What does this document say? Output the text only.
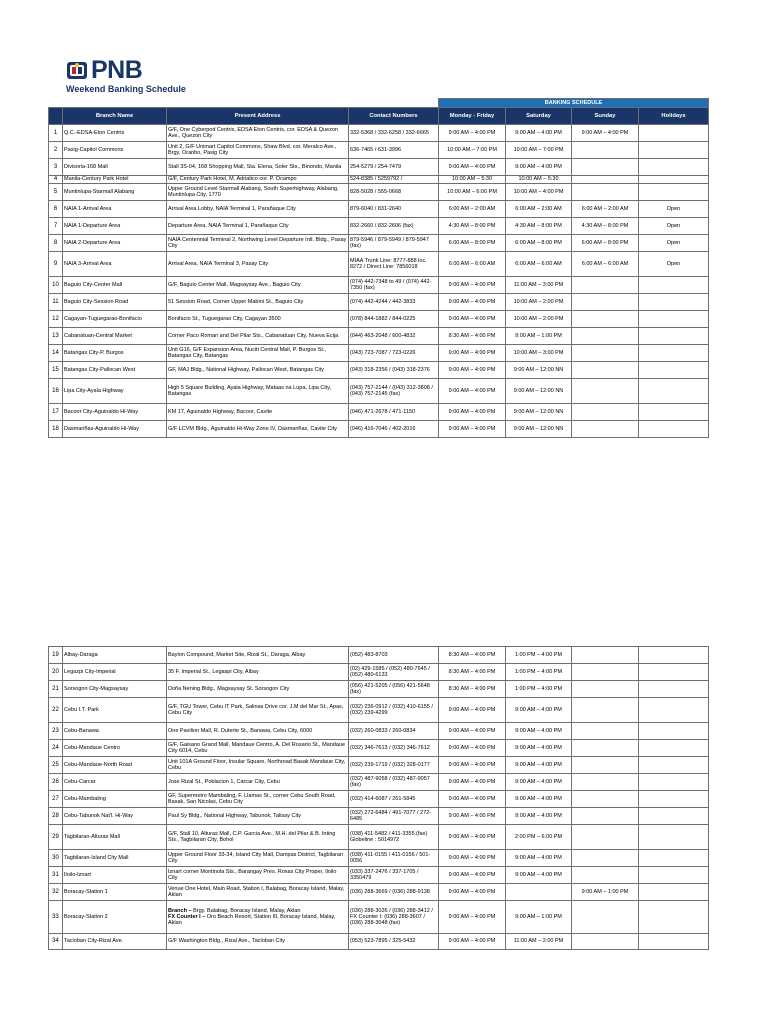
PNB
Weekend Banking Schedule
				BANKING SCHEDULE			
	Branch Name	Present Address	Contact Numbers	Monday - Friday	Saturday	Sunday	Holidays
1	Q.C.-EDSA-Eton Centris	G/F, One Cyberpod Centris, EDSA Eton Centris, cor. EDSA & Quezon Ave., Quezon City	332-5368 / 332-6258 / 332-6665	9:00 AM – 4:00 PM	9:00 AM – 4:00 PM	9:00 AM – 4:00 PM	
2	Pasig-Capitol Commons	Unit 2, G/F Unimart Capitol Commons, Shaw Blvd. cor. Meralco Ave., Brgy. Oranbo, Pasig City	636-7465 / 631-3996	10:00 AM – 7:00 PM	10:00 AM – 7:00 PM		
3	Divisoria-168 Mall	Stall 3S-04, 168 Shopping Mall, Sta. Elena, Soler Sts., Binondo, Manila	254-5279 / 254-7479	9:00 AM – 4:00 PM	9:00 AM – 4:00 PM		
4	Manila-Century Park Hotel	G/F, Century Park Hotel, M. Adriatico cor. P. Ocampo	524-8385 / 5259792 /	10:00 AM – 5:30	10:00 AM – 5:30		
5	Muntinlupa-Starmall Alabang	Upper Ground Level Starmall Alabang, South Superhighway, Alabang, Muntinlupa City, 1770	828-5028 / 555-0668	10:00 AM – 6:00 PM	10:00 AM – 4:00 PM		
6	NAIA 1-Arrival Area	Arrival Area Lobby, NAIA Terminal 1, Parañaque City	879-6040 / 831-2640	6:00 AM – 2:00 AM	6:00 AM – 2:00 AM	6:00 AM – 2:00 AM	Open
7	NAIA 1-Departure Area	Departure Area, NAIA Terminal 1, Parañaque City	832-2660 / 832-2606 (fax)	4:30 AM – 8:00 PM	4:30 AM – 8:00 PM	4:30 AM – 8:00 PM	Open
8	NAIA 2-Departure Area	NAIA Centennial Terminal 2, Northwing Level Departure Intl. Bldg., Pasay City	879-5946 / 879-5949 / 879-5947 (fax)	6:00 AM – 8:00 PM	6:00 AM – 8:00 PM	6:00 AM – 8:00 PM	Open
9	NAIA 3-Arrival Area	Arrival Area, NAIA Terminal 3, Pasay City	MIAA Trunk Line: 8777-888 loc. 8272 / Direct Line: 7856018	6:00 AM – 6:00 AM	6:00 AM – 6:00 AM	6:00 AM – 6:00 AM	Open
10	Baguio City-Center Mall	G/F, Baguio Center Mall, Magsaysay Ave., Baguio City	(074) 442-7348 to 49 / (074) 442-7350 (fax)	9:00 AM – 4:00 PM	11:00 AM – 3:00 PM		
11	Baguio City-Session Road	51 Session Road, Corner Upper Mabini St., Baguio City	(074) 442-4244 / 442-3833	9:00 AM – 4:00 PM	10:00 AM – 2:00 PM		
12	Cagayan-Tuguegarao-Bonifacio	Bonifacio St., Tuguegarao City, Cagayan 3500	(078) 844-1882 / 844-0225	9:00 AM – 4:00 PM	10:00 AM – 2:00 PM		
13	Cabanatuan-Central Market	Corner Paco Roman and Del Pilar Sts., Cabanatuan City, Nueva Ecija	(044) 463-2048 / 600-4832	8:30 AM – 4:00 PM	9:00 AM – 1:00 PM		
14	Batangas City-P. Burgos	Unit G16, G/F Expansion Area, Nuciti Central Mall, P. Burgos St., Batangas City, Batangas	(043) 723-7087 / 723-0226	9:00 AM – 4:00 PM	10:00 AM – 3:00 PM		
15	Batangas City-Pallocan West	GF, MAJ Bldg., National Highway, Pallocan West, Batangas City	(043) 318-2356 / (043) 318-2376	9:00 AM – 4:00 PM	9:00 AM – 12:00 NN		
16	Lipa City-Ayala Highway	High 5 Square Building, Ayala Highway, Mataas na Lupa, Lipa City, Batangas	(043) 757-2144 / (043) 312-3808 / (043) 757-2145 (fax)	9:00 AM – 4:00 PM	9:00 AM – 12:00 NN		
17	Bacoor City-Aguinaldo Hi-Way	KM 17, Aguinaldo Highway, Bacoor, Cavite	(046) 471-2678 / 471-1150	9:00 AM – 4:00 PM	9:00 AM – 12:00 NN		
18	Dasmariñas-Aguinaldo Hi-Way	G/F LCVM Bldg., Aguinaldo Hi-Way Zone IV, Dasmariñas, Cavite City	(046) 416-7046 / 402-2016	9:00 AM – 4:00 PM	9:00 AM – 12:00 NN		
19	Albay-Daraga	Baylon Compound, Market Site, Rizal St., Daraga, Albay	(052) 483-8703	8:30 AM – 4:00 PM	1:00 PM – 4:00 PM		
20	Legazpi City-Imperial	35 F. Imperial St., Legaspi City, Albay	(02) 429-1585 / (052) 480-7645 / (052) 480-6133	8:30 AM – 4:00 PM	1:00 PM – 4:00 PM		
21	Sorsogon City-Magsaysay	Doña Nening Bldg., Magsaysay St. Sorsogon City	(056) 421-5205 / (056) 421-5648 (fax)	8:30 AM – 4:00 PM	1:00 PM – 4:00 PM		
22	Cebu I.T. Park	G/F, TGU Tower, Cebu IT Park, Salinas Drive cor. J.M del Mar St., Apas, Cebu City	(032) 236-0912 / (032) 410-6155 / (032) 239-4299	9:00 AM – 4:00 PM	9:00 AM – 4:00 PM		
23	Cebu-Banawa	One Pavilion Mall, R. Duterte St., Banawa, Cebu City, 6000	(032) 260-0833 / 260-0834	9:00 AM – 4:00 PM	9:00 AM – 4:00 PM		
24	Cebu-Mandaue Centro	G/F, Gaisano Grand Mall, Mandaue Centro, A. Del Rosario St., Mandaue City 6014, Cebu	(032) 346-7613 / (032) 346-7612	9:00 AM – 4:00 PM	9:00 AM – 4:00 PM		
25	Cebu-Mandaue-North Road	Unit 101A Ground Floor, Insular Square, Northroad Basak Mandaue City, Cebu	(032) 239-1719 / (032) 328-0177	9:00 AM – 4:00 PM	9:00 AM – 4:00 PM		
26	Cebu-Carcar	Jose Rizal St., Poblacion 1, Carcar City, Cebu	(032) 487-9058 / (032) 487-9057 (fax)	9:00 AM – 4:00 PM	9:00 AM – 4:00 PM		
27	Cebu-Mambaling	GF, Supermetro Mambaling, F. Llamas St., corner Cebu South Road, Basak, San Nicolas, Cebu City	(032) 414-6087 / 261-5845	9:00 AM – 4:00 PM	9:00 AM – 4:00 PM		
28	Cebu-Tabunok Nat'l. Hi-Way	Paul Sy Bldg., National Highway, Tabunok, Talisay City	(032) 272-6484 / 491-7077 / 272-6485	9:00 AM – 4:00 PM	9:00 AM – 4:00 PM		
29	Tagbilaran-Alturas Mall	G/F, Stall 10, Alturas Mall, C.P. Garcia Ave., M.H. del Pilar & B. Inting Sts., Tagbilaran City, Bohol	(038) 411-5482 / 411-3355 (fax) Globeline : 5014972	9:00 AM – 4:00 PM	2:00 PM – 6:00 PM		
30	Tagbilaran-Island City Mall	Upper Ground Floor 33-34, Island City Mall, Dampas District, Tagbilaran City	(038) 411-0155 / 411-0156 / 501-0056	9:00 AM – 4:00 PM	9:00 AM – 4:00 PM		
31	Iloilo-Iznart	Iznart corner Montinola Sts., Barangay Pres. Roxas City Proper, Iloilo City	(033) 337-2476 / 337-1705 / 3350479	9:00 AM – 4:00 PM	9:00 AM – 4:00 PM		
32	Boracay-Station 1	Venue One Hotel, Main Road, Station I, Balabag, Boracay Island, Malay, Aklan	(036) 288-3669 / (036) 288-9138	9:00 AM – 4:00 PM		9:00 AM – 1:00 PM	
33	Boracay-Station 2	Branch – Brgy. Balabag, Boracay Island, Malay, Aklan
FX Counter I – Oro Beach Resort, Station III, Boracay Island, Malay, Aklan	(036) 288-3026 / (036) 288-3412 / FX Counter I: (036) 288-3607 / (036) 288-3048 (fax)	9:00 AM – 4:00 PM	9:00 AM – 1:00 PM		
34	Tacloban City-Rizal Ave.	G/F Washington Bldg., Rizal Ave., Tacloban City	(053) 523-7895 / 325-5432	9:00 AM – 4:00 PM	11:00 AM – 2:00 PM		
